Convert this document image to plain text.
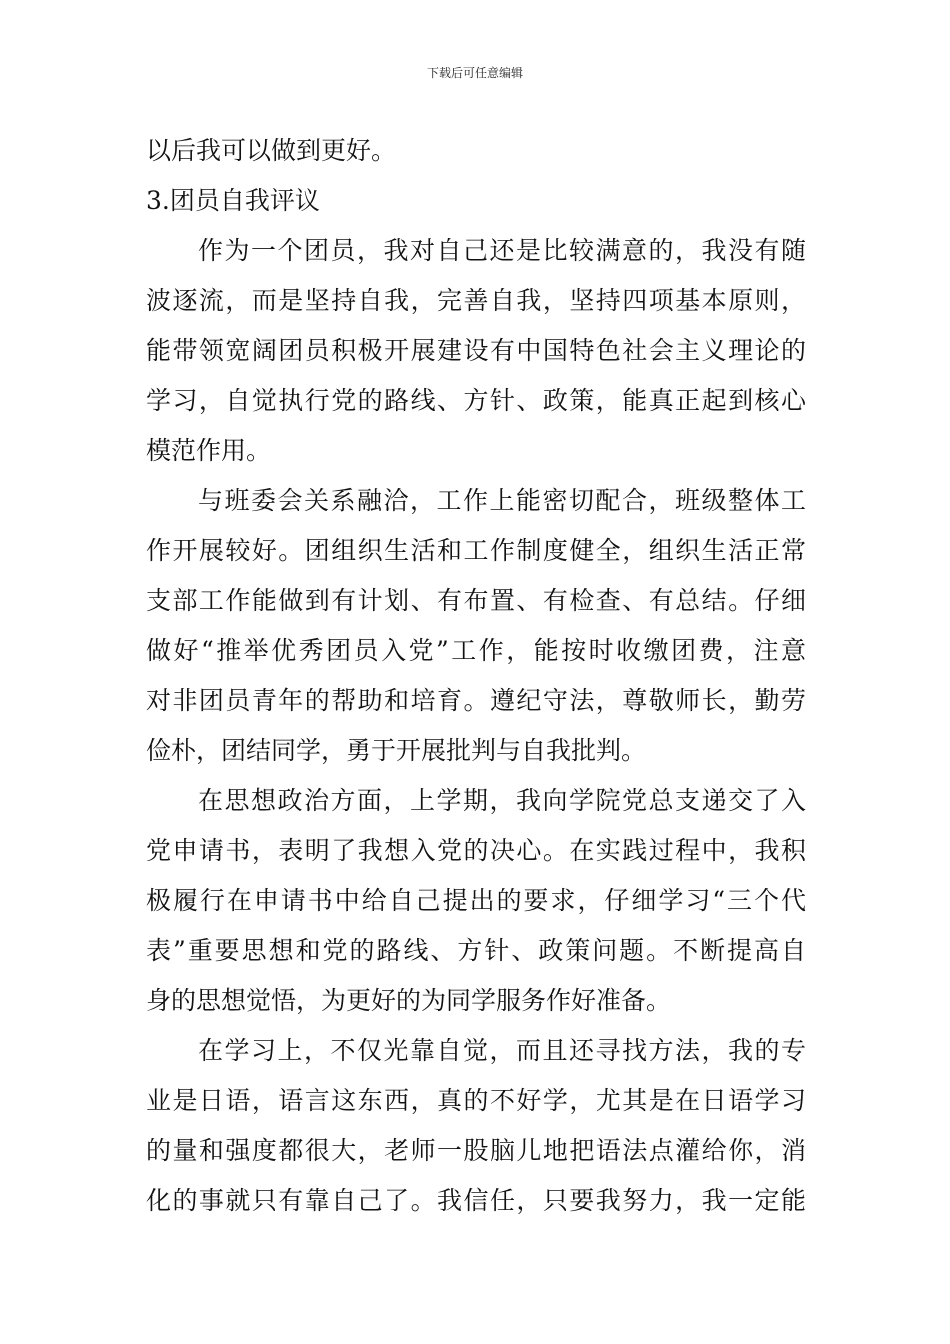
下载后可任意编辑
以后我可以做到更好。
3.团员自我评议
作为一个团员，我对自己还是比较满意的，我没有随
波逐流，而是坚持自我，完善自我，坚持四项基本原则，
能带领宽阔团员积极开展建设有中国特色社会主义理论的
学习，自觉执行党的路线、方针、政策，能真正起到核心
模范作用。
与班委会关系融洽，工作上能密切配合，班级整体工
作开展较好。团组织生活和工作制度健全，组织生活正常
支部工作能做到有计划、有布置、有检查、有总结。仔细
做好“推举优秀团员入党”工作，能按时收缴团费，注意
对非团员青年的帮助和培育。遵纪守法，尊敬师长，勤劳
俭朴，团结同学，勇于开展批判与自我批判。
在思想政治方面，上学期，我向学院党总支递交了入
党申请书，表明了我想入党的决心。在实践过程中，我积
极履行在申请书中给自己提出的要求，仔细学习“三个代
表”重要思想和党的路线、方针、政策问题。不断提高自
身的思想觉悟，为更好的为同学服务作好准备。
在学习上，不仅光靠自觉，而且还寻找方法，我的专
业是日语，语言这东西，真的不好学，尤其是在日语学习
的量和强度都很大，老师一股脑儿地把语法点灌给你，消
化的事就只有靠自己了。我信任，只要我努力，我一定能
